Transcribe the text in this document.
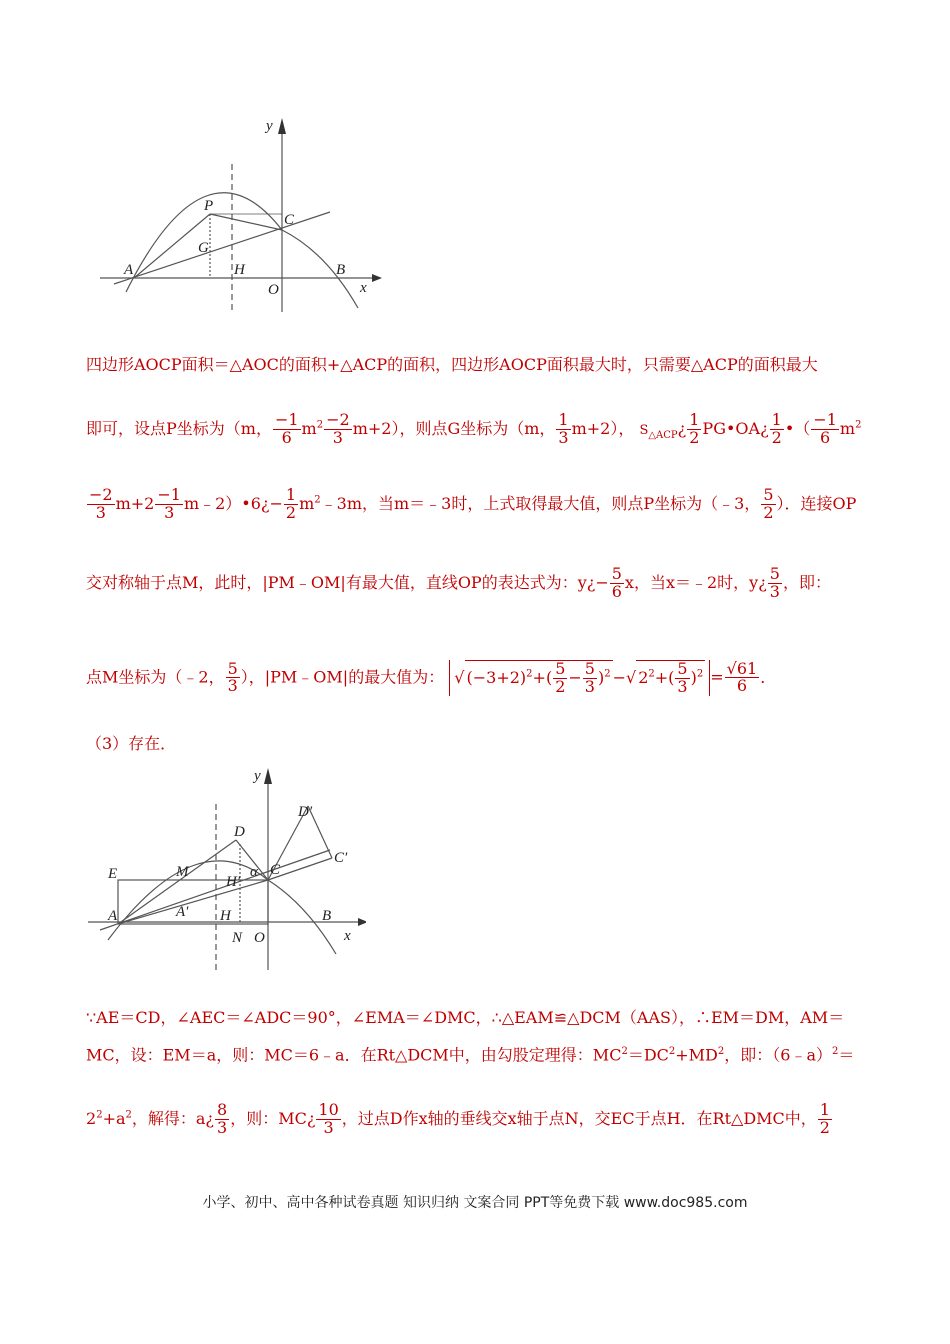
y
x
P
C
G
A	H	B
O
四边形AOCP面积＝△AOC的面积+△ACP的面积，四边形AOCP面积最大时，只需要△ACP的面积最大
即可，设点P坐标为（m， $\frac{-1}{6} m^2 \frac{-2}{3} m+2$），则点G坐标为（m， $\frac{1}{3} m+2$）， $S_{\triangle ACP}¿ \frac{1}{2}$ PG•OA¿ $\frac{1}{2}$ •（ $\frac{-1}{6} m^2$
$\frac{-2}{3} m+2 \frac{-1}{3}$ m﹣2）•6¿− $\frac{1}{2}$ $m^2﹣3m$，当m＝﹣3时，上式取得最大值，则点P坐标为（﹣3， $\frac{5}{2}$ ）．连接OP
交对称轴于点M，此时，|PM﹣OM|有最大值，直线OP的表达式为：y¿− $\frac{5}{6}$ x，当x＝﹣2时，y¿ $\frac{5}{3}$ ，即：
点M坐标为（﹣2， $\frac{5}{3}$ ），|PM﹣OM|的最大值为： √ $(-3+2)^2+( \frac{5}{2} - \frac{5}{3} )^2$ −√ $2^2+( \frac{5}{3} )^2 = \frac{√61}{6}$ ．
（3）存在．
y
x
D
D′
C′
E	M	C
H′
α
A	A′ H	B
N O
∵AE＝CD，∠AEC＝∠ADC＝90°，∠EMA＝∠DMC，∴△EAM≌△DCM（AAS），∴EM＝DM，AM＝
MC，设：EM＝a，则：MC＝6﹣a．在Rt△DCM中，由勾股定理得：$MC^2=DC^2+MD^2$，即：（6﹣a）$^2$＝
$2^2+a^2$，解得：a¿ $\frac{8}{3}$ ，则：MC¿ $\frac{10}{3}$ ，过点D作x轴的垂线交x轴于点N，交EC于点H．在Rt△DMC中， $\frac{1}{2}$
小学、初中、高中各种试卷真题 知识归纳 文案合同 PPT等免费下载 www.doc985.com
